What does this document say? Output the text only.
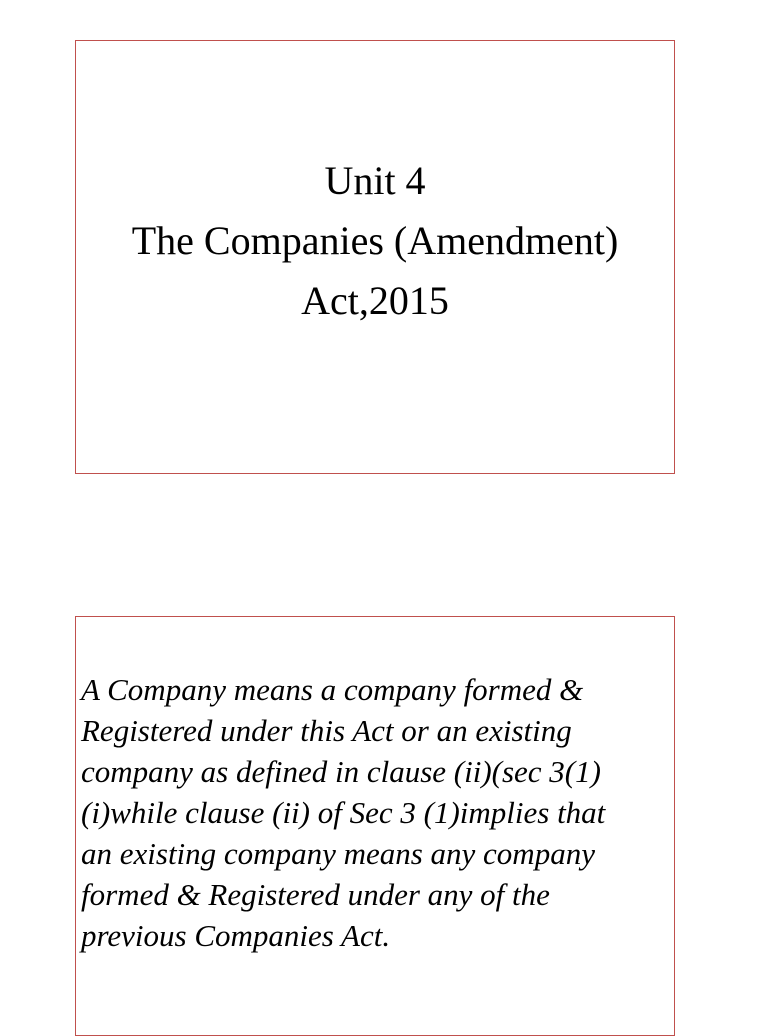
Unit 4
The Companies (Amendment)
Act,2015
A Company means a company formed &
Registered under this Act or an existing
company as defined in clause (ii)(sec 3(1)
(i)while clause (ii) of Sec 3 (1)implies that
an existing company means any company
formed & Registered under any of the
previous Companies Act.
